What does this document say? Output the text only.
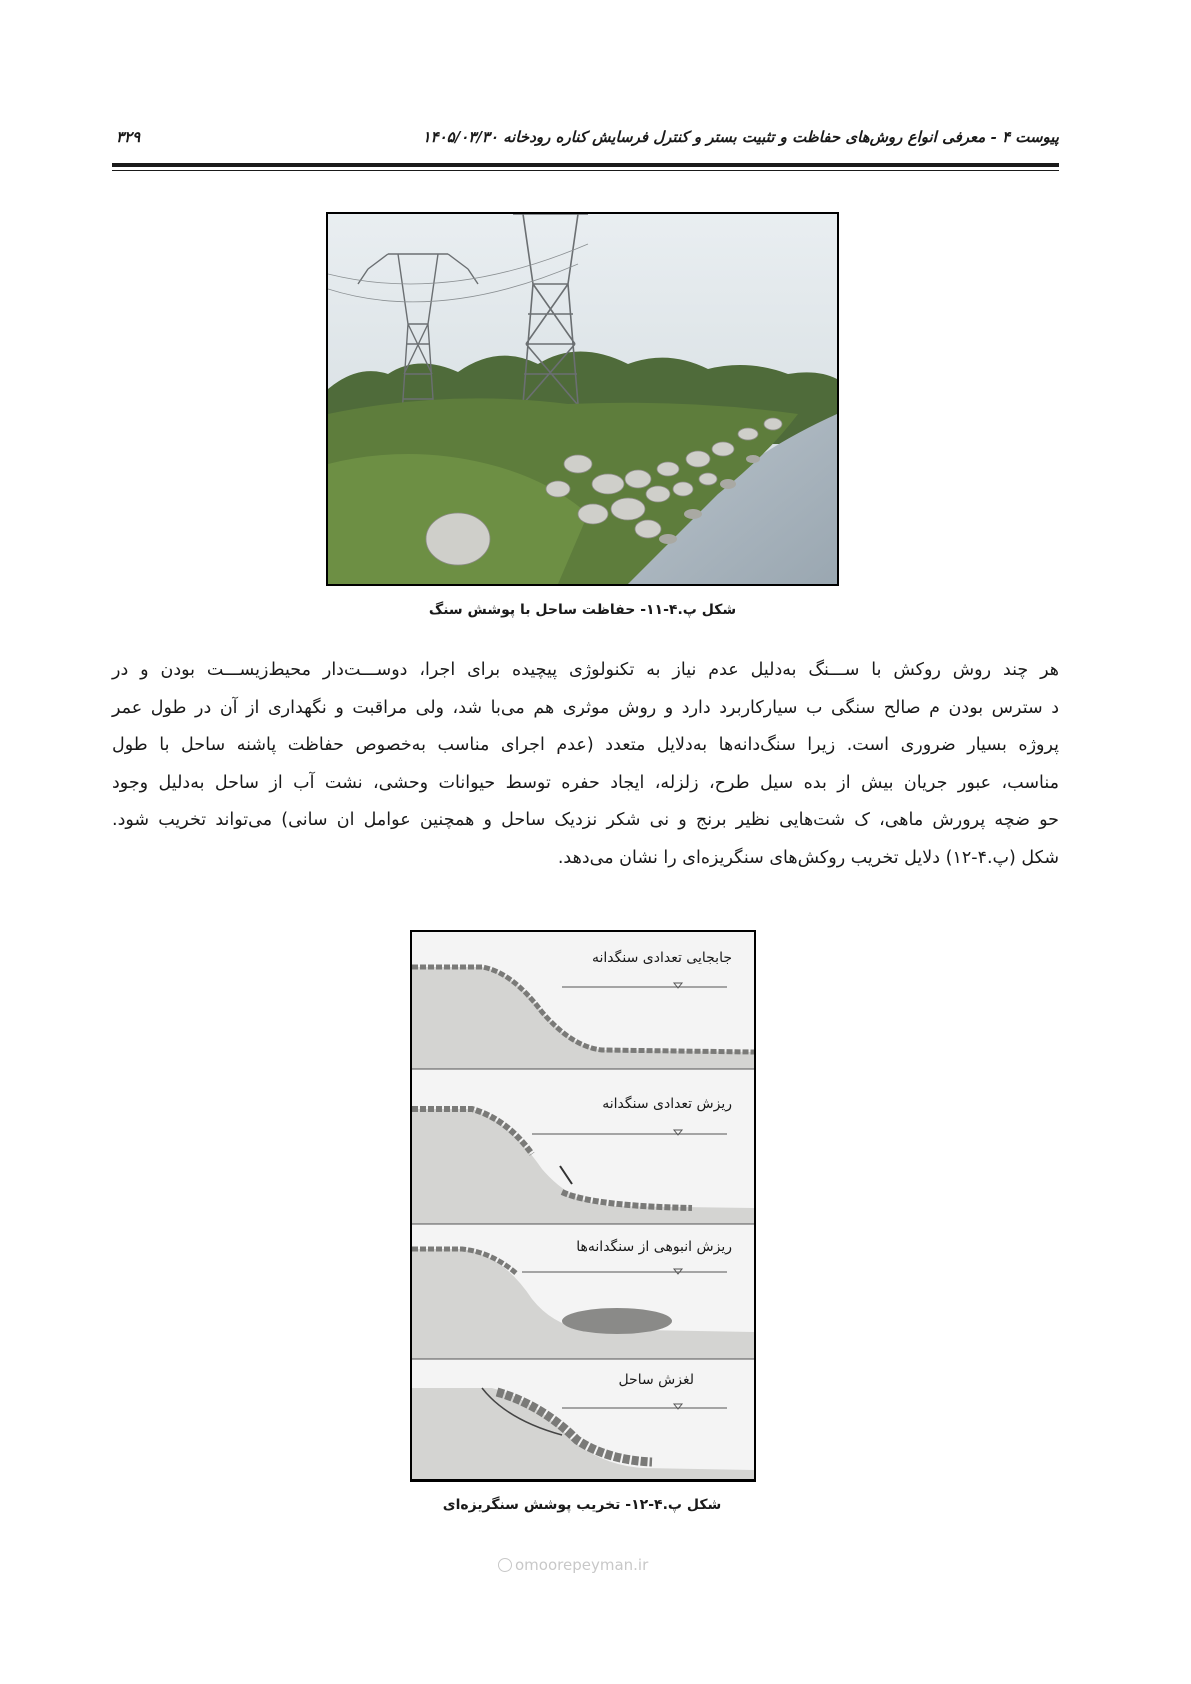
پیوست ۴ - معرفی انواع روش‌های حفاظت و تثبیت بستر و کنترل فرسایش کناره رودخانه ۱۴۰۵/۰۳/۳۰
۳۲۹
شکل پ.۴-۱۱- حفاظت ساحل با پوشش سنگ
هر چند روش روکش با ســـنگ به‌دلیل عدم نیاز به تکنولوژی پیچیده برای اجرا، دوســـت‌دار محیط‌زیســـت بودن و در
د سترس بودن م صالح سنگی ب سیارکاربرد دارد و روش موثری هم می‌با شد، ولی مراقبت و نگهداری از آن در طول عمر
پروژه بسیار ضروری است. زیرا سنگ‌دانه‌ها به‌دلایل متعدد (عدم اجرای مناسب به‌خصوص حفاظت پاشنه ساحل با طول
مناسب، عبور جریان بیش از بده سیل طرح، زلزله، ایجاد حفره توسط حیوانات وحشی، نشت آب از ساحل به‌دلیل وجود
حو ضچه پرورش ماهی، ک شت‌هایی نظیر برنج و نی شکر نزدیک ساحل و همچنین عوامل ان سانی) می‌تواند تخریب شود.
شکل (پ.۴-۱۲) دلایل تخریب روکش‌های سنگریزه‌ای را نشان می‌دهد.
جابجایی تعدادی سنگدانه
ریزش تعدادی سنگدانه
ریزش انبوهی از سنگدانه‌ها
لغزش ساحل
شکل پ.۴-۱۲- تخریب پوشش سنگریزه‌ای
omoorepeyman.ir
